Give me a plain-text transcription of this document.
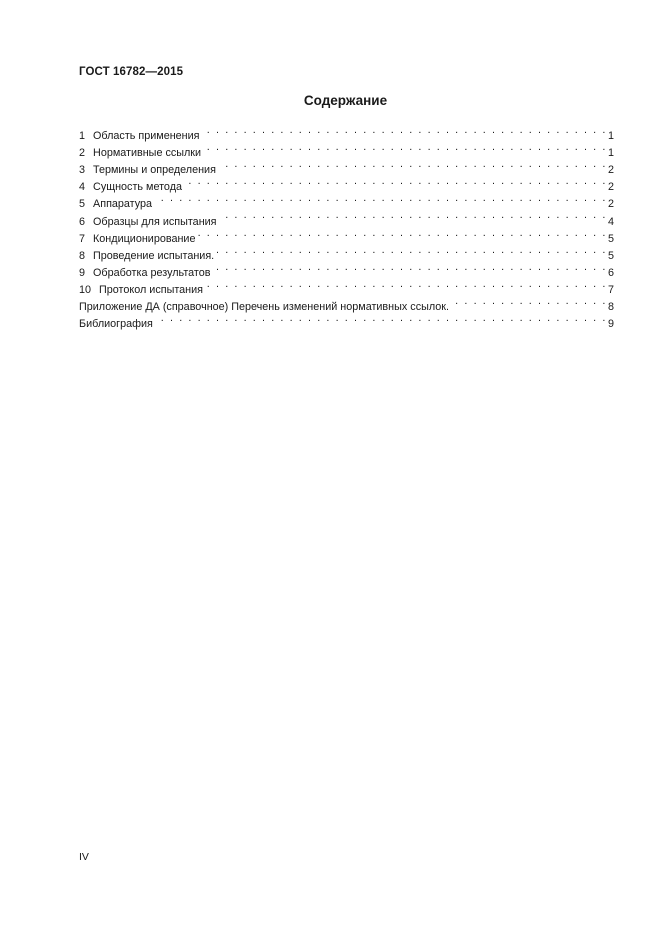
ГОСТ 16782—2015
Содержание
1 Область применения . . .	1
2 Нормативные ссылки . . .	1
3 Термины и определения . . .	2
4 Сущность метода . . .	2
5 Аппаратура . . .	2
6 Образцы для испытания . . .	4
7 Кондиционирование . . .	5
8 Проведение испытания. . . .	5
9 Обработка результатов . . .	6
10 Протокол испытания . . .	7
Приложение ДА (справочное) Перечень изменений нормативных ссылок. . . .	8
Библиография . . .	9
IV
